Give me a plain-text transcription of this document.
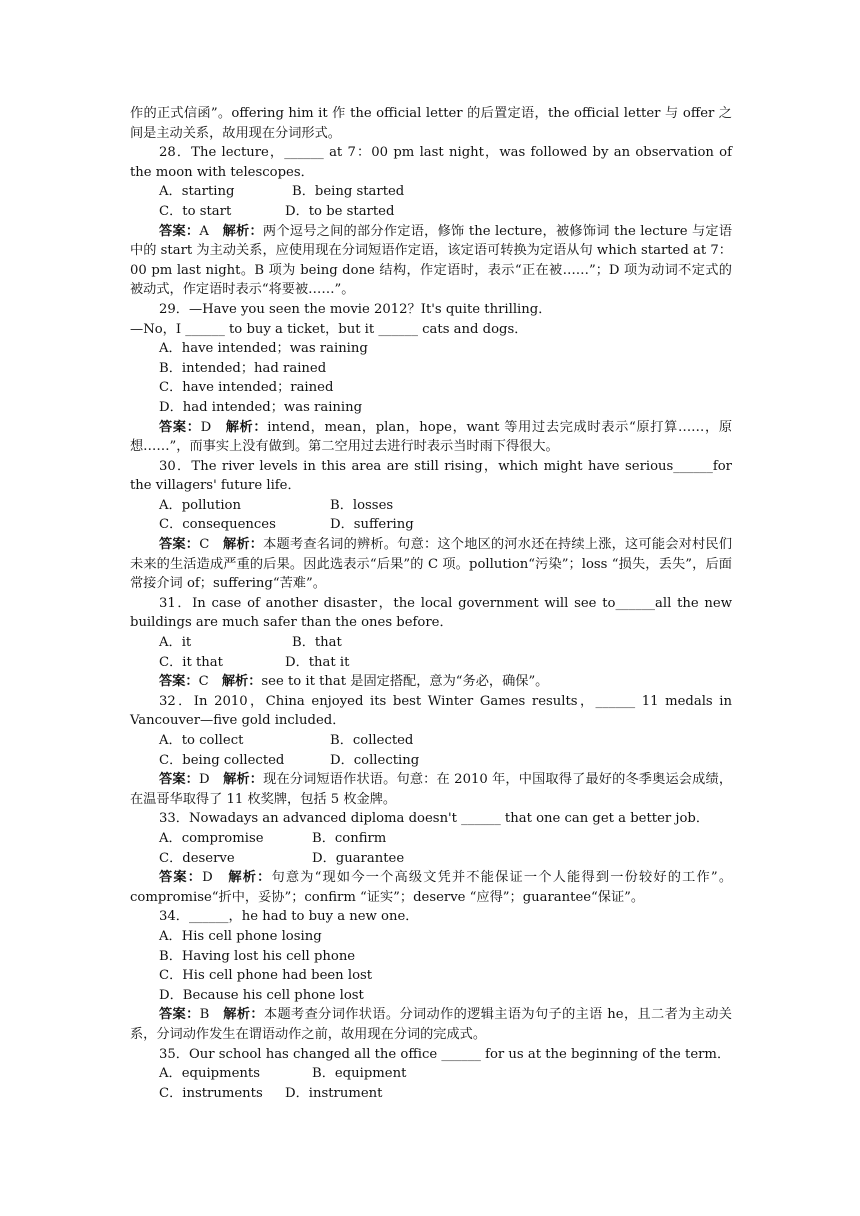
作的正式信函”。offering him it 作 the official letter 的后置定语，the official letter 与 offer 之间是主动关系，故用现在分词形式。

28．The lecture，______ at 7：00 pm last night，was followed by an observation of the moon with telescopes．

A．starting	B．being started

C．to start	D．to be started

答案：A　 解析：两个逗号之间的部分作定语，修饰 the lecture，被修饰词 the lecture 与定语中的 start 为主动关系，应使用现在分词短语作定语，该定语可转换为定语从句 which started at 7：00 pm last night。B 项为 being done 结构，作定语时，表示“正在被……”；D 项为动词不定式的被动式，作定语时表示“将要被……”。

29．—Have you seen the movie 2012？It's quite thrilling．

—No，I ______ to buy a ticket，but it ______ cats and dogs．

A．have intended；was raining

B．intended；had rained

C．have intended；rained

D．had intended；was raining

答案：D　 解析：intend，mean，plan，hope，want 等用过去完成时表示“原打算……，原想……”，而事实上没有做到。第二空用过去进行时表示当时雨下得很大。

30．The river levels in this area are still rising，which might have serious______for the villagers' future life．

A．pollution	B．losses

C．consequences	D．suffering

答案：C　 解析：本题考查名词的辨析。句意：这个地区的河水还在持续上涨，这可能会对村民们未来的生活造成严重的后果。因此选表示“后果”的 C 项。pollution“污染”；loss “损失，丢失”，后面常接介词 of；suffering“苦难”。

31．In case of another disaster，the local government will see to______all the new buildings are much safer than the ones before．

A．it	B．that

C．it that	D．that it

答案：C　 解析：see to it that 是固定搭配，意为“务必，确保”。

32．In 2010，China enjoyed its best Winter Games results，______ 11 medals in Vancouver—five gold included．

A．to collect	B．collected

C．being collected	D．collecting

答案：D　 解析：现在分词短语作状语。句意：在 2010 年，中国取得了最好的冬季奥运会成绩，在温哥华取得了 11 枚奖牌，包括 5 枚金牌。

33．Nowadays an advanced diploma doesn't ______ that one can get a better job．

A．compromise	B．confirm

C．deserve	D．guarantee

答案：D　 解析：句意为“现如今一个高级文凭并不能保证一个人能得到一份较好的工作”。compromise“折中，妥协”；confirm “证实”；deserve “应得”；guarantee“保证”。

34．______，he had to buy a new one．

A．His cell phone losing

B．Having lost his cell phone

C．His cell phone had been lost

D．Because his cell phone lost

答案：B　 解析：本题考查分词作状语。分词动作的逻辑主语为句子的主语 he，且二者为主动关系，分词动作发生在谓语动作之前，故用现在分词的完成式。

35．Our school has changed all the office ______ for us at the beginning of the term．

A．equipments	B．equipment

C．instruments D．instrument
